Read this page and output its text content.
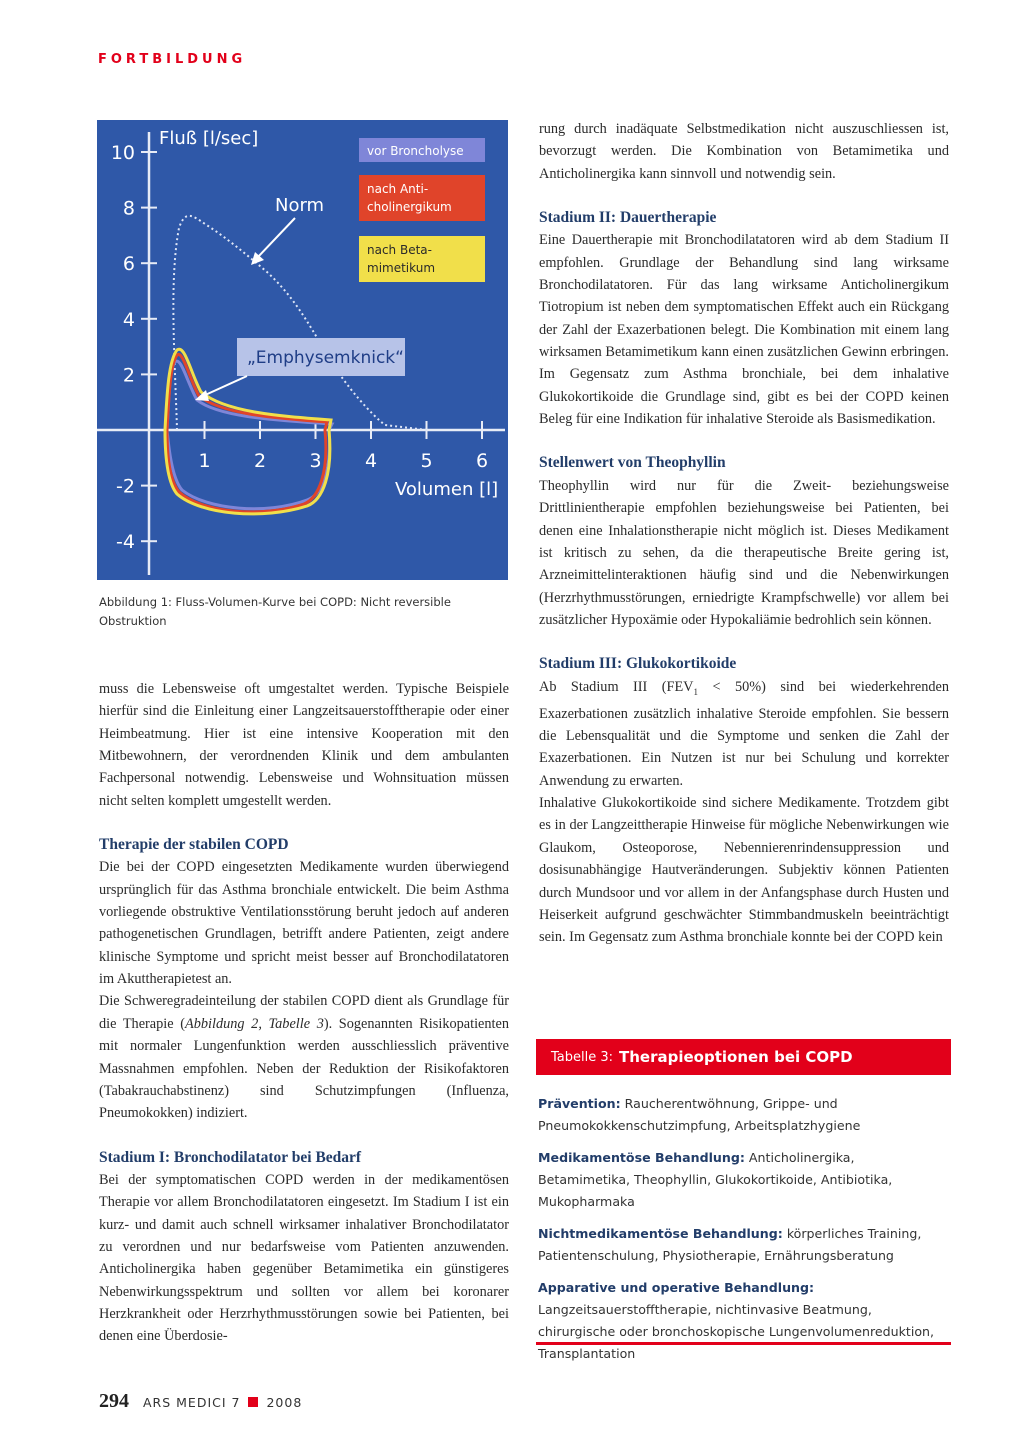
FORTBILDUNG
10
8
6
4
2
-2
-4
1 2 3 4 5 6
Fluß [l/sec]
Volumen [l]
Norm
„Emphysemknick“
vor Broncholyse
nach Anti-
cholinergikum
nach Beta-
mimetikum
Abbildung 1: Fluss-Volumen-Kurve bei COPD: Nicht reversible Obstruktion

muss die Lebensweise oft umgestaltet werden. Typische Beispiele hierfür sind die Einleitung einer Langzeitsauerstofftherapie oder einer Heimbeatmung. Hier ist eine intensive Kooperation mit den Mitbewohnern, der verordnenden Klinik und dem ambulanten Fachpersonal notwendig. Lebensweise und Wohnsituation müssen nicht selten komplett umgestellt werden.

Therapie der stabilen COPD

Die bei der COPD eingesetzten Medikamente wurden überwiegend ursprünglich für das Asthma bronchiale entwickelt. Die beim Asthma vorliegende obstruktive Ventilationsstörung beruht jedoch auf anderen pathogenetischen Grundlagen, betrifft andere Patienten, zeigt andere klinische Symptome und spricht meist besser auf Bronchodilatatoren im Akuttherapietest an.

Die Schweregradeinteilung der stabilen COPD dient als Grundlage für die Therapie (Abbildung 2, Tabelle 3). Sogenannten Risikopatienten mit normaler Lungenfunktion werden ausschliesslich präventive Massnahmen empfohlen. Neben der Reduktion der Risikofaktoren (Tabakrauchabstinenz) sind Schutzimpfungen (Influenza, Pneumokokken) indiziert.

Stadium I: Bronchodilatator bei Bedarf

Bei der symptomatischen COPD werden in der medikamentösen Therapie vor allem Bronchodilatatoren eingesetzt. Im Stadium I ist ein kurz- und damit auch schnell wirksamer inhalativer Bronchodilatator zu verordnen und nur bedarfsweise vom Patienten anzuwenden. Anticholinergika haben gegenüber Betamimetika ein günstigeres Nebenwirkungsspektrum und sollten vor allem bei koronarer Herzkrankheit oder Herzrhythmusstörungen sowie bei Patienten, bei denen eine Überdosie-

rung durch inadäquate Selbstmedikation nicht auszuschliessen ist, bevorzugt werden. Die Kombination von Betamimetika und Anticholinergika kann sinnvoll und notwendig sein.

Stadium II: Dauertherapie

Eine Dauertherapie mit Bronchodilatatoren wird ab dem Stadium II empfohlen. Grundlage der Behandlung sind lang wirksame Bronchodilatatoren. Für das lang wirksame Anticholinergikum Tiotropium ist neben dem symptomatischen Effekt auch ein Rückgang der Zahl der Exazerbationen belegt. Die Kombination mit einem lang wirksamen Betamimetikum kann einen zusätzlichen Gewinn erbringen. Im Gegensatz zum Asthma bronchiale, bei dem inhalative Glukokortikoide die Grundlage sind, gibt es bei der COPD keinen Beleg für eine Indikation für inhalative Steroide als Basismedikation.

Stellenwert von Theophyllin

Theophyllin wird nur für die Zweit- beziehungsweise Drittlinientherapie empfohlen beziehungsweise bei Patienten, bei denen eine Inhalationstherapie nicht möglich ist. Dieses Medikament ist kritisch zu sehen, da die therapeutische Breite gering ist, Arzneimittelinteraktionen häufig sind und die Nebenwirkungen (Herzrhythmusstörungen, erniedrigte Krampfschwelle) vor allem bei zusätzlicher Hypoxämie oder Hypokaliämie bedrohlich sein können.

Stadium III: Glukokortikoide

Ab Stadium III $(FEV_1 < 50\%)$ sind bei wiederkehrenden Exazerbationen zusätzlich inhalative Steroide empfohlen. Sie bessern die Lebensqualität und die Symptome und senken die Zahl der Exazerbationen. Ein Nutzen ist nur bei Schulung und korrekter Anwendung zu erwarten.

Inhalative Glukokortikoide sind sichere Medikamente. Trotzdem gibt es in der Langzeittherapie Hinweise für mögliche Nebenwirkungen wie Glaukom, Osteoporose, Nebennierenrindensuppression und dosisunabhängige Hautveränderungen. Subjektiv können Patienten durch Mundsoor und vor allem in der Anfangsphase durch Husten und Heiserkeit aufgrund geschwächter Stimmbandmuskeln beeinträchtigt sein. Im Gegensatz zum Asthma bronchiale konnte bei der COPD kein

Tabelle 3: Therapieoptionen bei COPD
Prävention: Raucherentwöhnung, Grippe- und Pneumokokkenschutzimpfung, Arbeitsplatzhygiene
Medikamentöse Behandlung: Anticholinergika, Betamimetika, Theophyllin, Glukokortikoide, Antibiotika, Mukopharmaka
Nichtmedikamentöse Behandlung: körperliches Training, Patientenschulung, Physiotherapie, Ernährungsberatung
Apparative und operative Behandlung: Langzeitsauerstofftherapie, nichtinvasive Beatmung, chirurgische oder bronchoskopische Lungenvolumenreduktion, Transplantation
294 ARS MEDICI 7 2008
